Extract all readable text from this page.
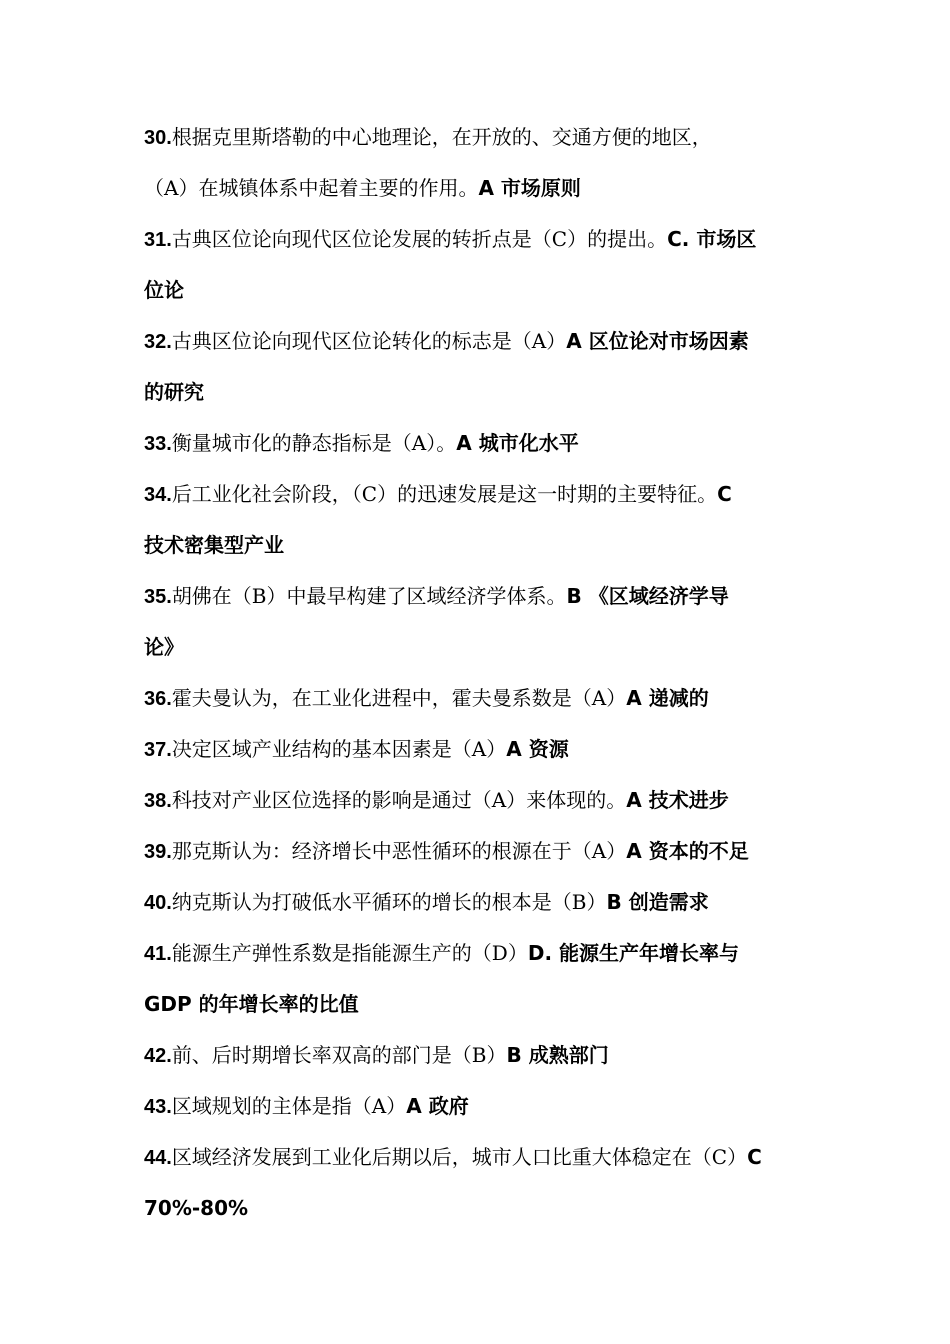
30.根据克里斯塔勒的中心地理论，在开放的、交通方便的地区，
（A）在城镇体系中起着主要的作用。A 市场原则
31.古典区位论向现代区位论发展的转折点是（C）的提出。C. 市场区
位论
32.古典区位论向现代区位论转化的标志是（A）A 区位论对市场因素
的研究
33.衡量城市化的静态指标是（A）。A 城市化水平
34.后工业化社会阶段，（C）的迅速发展是这一时期的主要特征。C
技术密集型产业
35.胡佛在（B）中最早构建了区域经济学体系。B 《区域经济学导
论》
36.霍夫曼认为，在工业化进程中，霍夫曼系数是（A）A 递减的
37.决定区域产业结构的基本因素是（A）A 资源
38.科技对产业区位选择的影响是通过（A）来体现的。A 技术进步
39.那克斯认为：经济增长中恶性循环的根源在于（A）A 资本的不足
40.纳克斯认为打破低水平循环的增长的根本是（B）B 创造需求
41.能源生产弹性系数是指能源生产的（D）D. 能源生产年增长率与
GDP 的年增长率的比值
42.前、后时期增长率双高的部门是（B）B 成熟部门
43.区域规划的主体是指（A）A 政府
44.区域经济发展到工业化后期以后，城市人口比重大体稳定在（C）C
70%-80%
